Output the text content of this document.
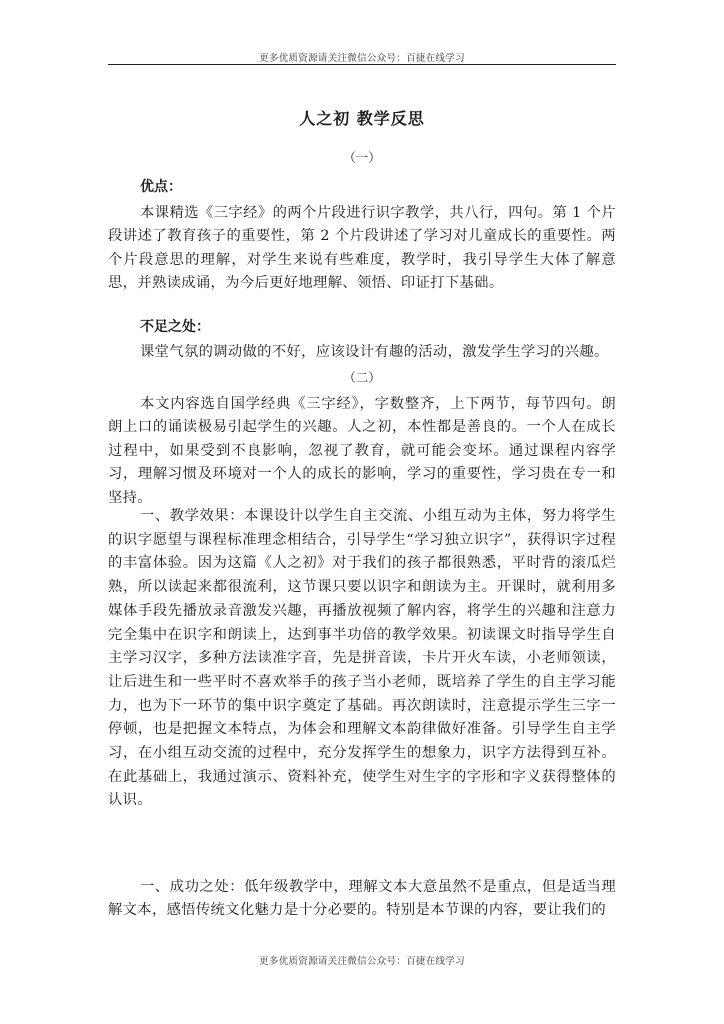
更多优质资源请关注微信公众号：百捷在线学习
人之初 教学反思
（一）
优点：

本课精选《三字经》的两个片段进行识字教学，共八行，四句。第 1 个片段讲述了教育孩子的重要性，第 2 个片段讲述了学习对儿童成长的重要性。两个片段意思的理解，对学生来说有些难度，教学时，我引导学生大体了解意思，并熟读成诵，为今后更好地理解、领悟、印证打下基础。

不足之处：

课堂气氛的调动做的不好，应该设计有趣的活动，激发学生学习的兴趣。

（二）

本文内容选自国学经典《三字经》，字数整齐，上下两节，每节四句。朗朗上口的诵读极易引起学生的兴趣。人之初，本性都是善良的。一个人在成长过程中，如果受到不良影响，忽视了教育，就可能会变坏。通过课程内容学习，理解习惯及环境对一个人的成长的影响，学习的重要性，学习贵在专一和坚持。

一、教学效果：本课设计以学生自主交流、小组互动为主体，努力将学生的识字愿望与课程标准理念相结合，引导学生“学习独立识字”，获得识字过程的丰富体验。因为这篇《人之初》对于我们的孩子都很熟悉，平时背的滚瓜烂熟，所以读起来都很流利，这节课只要以识字和朗读为主。开课时，就利用多媒体手段先播放录音激发兴趣，再播放视频了解内容，将学生的兴趣和注意力完全集中在识字和朗读上，达到事半功倍的教学效果。初读课文时指导学生自主学习汉字，多种方法读准字音，先是拼音读，卡片开火车读，小老师领读，让后进生和一些平时不喜欢举手的孩子当小老师，既培养了学生的自主学习能力，也为下一环节的集中识字奠定了基础。再次朗读时，注意提示学生三字一停顿，也是把握文本特点，为体会和理解文本韵律做好准备。引导学生自主学习，在小组互动交流的过程中，充分发挥学生的想象力，识字方法得到互补。在此基础上，我通过演示、资料补充，使学生对生字的字形和字义获得整体的认识。

一、成功之处：低年级教学中，理解文本大意虽然不是重点，但是适当理解文本，感悟传统文化魅力是十分必要的。特别是本节课的内容，要让我们的

更多优质资源请关注微信公众号：百捷在线学习
